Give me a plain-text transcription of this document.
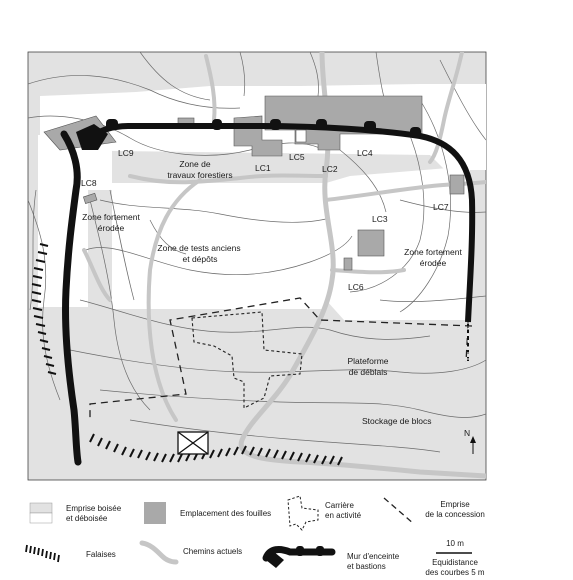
LC9	LC5
LC1	LC2
LC4
LC8
LC3
LC7
LC6
Zone de
travaux forestiers
Zone fortement
érodée
Zone de tests anciens
et dépôts
Zone fortement
érodée
Plateforme
de déblais
Stockage de blocs
N
Emprise boisée
et déboisée
Emplacement des fouilles
Carrière
en activité
Emprise
de la concession
Falaises	Chemins actuels
Mur d'enceinte
et bastions
10 m
Equidistance
des courbes 5 m
